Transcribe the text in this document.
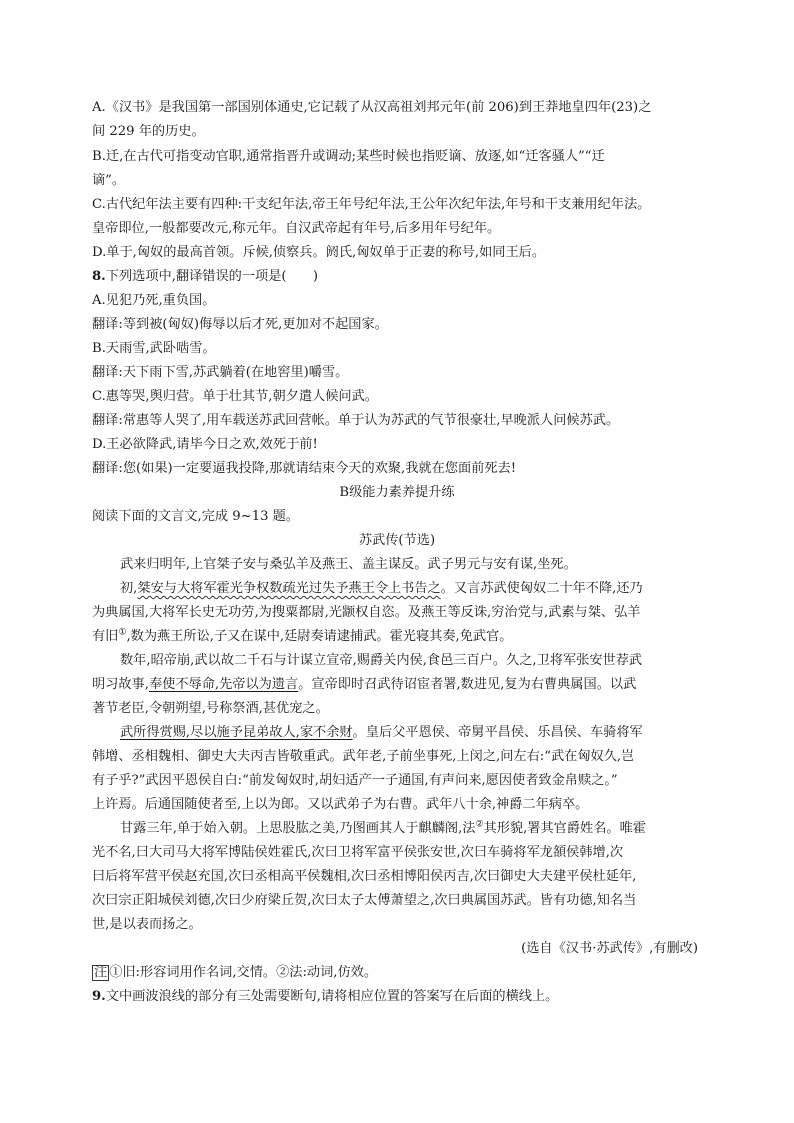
A.《汉书》是我国第一部国别体通史,它记载了从汉高祖刘邦元年(前 206)到王莽地皇四年(23)之
间 229 年的历史。
B.迁,在古代可指变动官职,通常指晋升或调动;某些时候也指贬谪、放逐,如“迁客骚人”“迁
谪”。
C.古代纪年法主要有四种:干支纪年法,帝王年号纪年法,王公年次纪年法,年号和干支兼用纪年法。
皇帝即位,一般都要改元,称元年。自汉武帝起有年号,后多用年号纪年。
D.单于,匈奴的最高首领。斥候,侦察兵。阏氏,匈奴单于正妻的称号,如同王后。
8.下列选项中,翻译错误的一项是(　　)
A.见犯乃死,重负国。
翻译:等到被(匈奴)侮辱以后才死,更加对不起国家。
B.天雨雪,武卧啮雪。
翻译:天下雨下雪,苏武躺着(在地窖里)嚼雪。
C.惠等哭,舆归营。单于壮其节,朝夕遣人候问武。
翻译:常惠等人哭了,用车载送苏武回营帐。单于认为苏武的气节很豪壮,早晚派人问候苏武。
D.王必欲降武,请毕今日之欢,效死于前!
翻译:您(如果)一定要逼我投降,那就请结束今天的欢聚,我就在您面前死去!
B级能力素养提升练
阅读下面的文言文,完成 9~13 题。
苏武传(节选)
武来归明年,上官桀子安与桑弘羊及燕王、盖主谋反。武子男元与安有谋,坐死。
初,桀安与大将军霍光争权数疏光过失予燕王令上书告之。又言苏武使匈奴二十年不降,还乃
为典属国,大将军长史无功劳,为搜粟都尉,光颛权自恣。及燕王等反诛,穷治党与,武素与桀、弘羊
有旧①,数为燕王所讼,子又在谋中,廷尉奏请逮捕武。霍光寝其奏,免武官。
数年,昭帝崩,武以故二千石与计谋立宣帝,赐爵关内侯,食邑三百户。久之,卫将军张安世荐武
明习故事,奉使不辱命,先帝以为遗言。宣帝即时召武待诏宦者署,数进见,复为右曹典属国。以武
著节老臣,令朝朔望,号称祭酒,甚优宠之。
武所得赏赐,尽以施予昆弟故人,家不余财。皇后父平恩侯、帝舅平昌侯、乐昌侯、车骑将军
韩增、丞相魏相、御史大夫丙吉皆敬重武。武年老,子前坐事死,上闵之,问左右:“武在匈奴久,岂
有子乎?”武因平恩侯自白:“前发匈奴时,胡妇适产一子通国,有声问来,愿因使者致金帛赎之。”
上许焉。后通国随使者至,上以为郎。又以武弟子为右曹。武年八十余,神爵二年病卒。
甘露三年,单于始入朝。上思股肱之美,乃图画其人于麒麟阁,法②其形貌,署其官爵姓名。唯霍
光不名,曰大司马大将军博陆侯姓霍氏,次曰卫将军富平侯张安世,次曰车骑将军龙頟侯韩增,次
曰后将军营平侯赵充国,次曰丞相高平侯魏相,次曰丞相博阳侯丙吉,次曰御史大夫建平侯杜延年,
次曰宗正阳城侯刘德,次曰少府梁丘贺,次曰太子太傅萧望之,次曰典属国苏武。皆有功德,知名当
世,是以表而扬之。
(选自《汉书·苏武传》,有删改)
注 ①旧:形容词用作名词,交情。②法:动词,仿效。
9.文中画波浪线的部分有三处需要断句,请将相应位置的答案写在后面的横线上。
